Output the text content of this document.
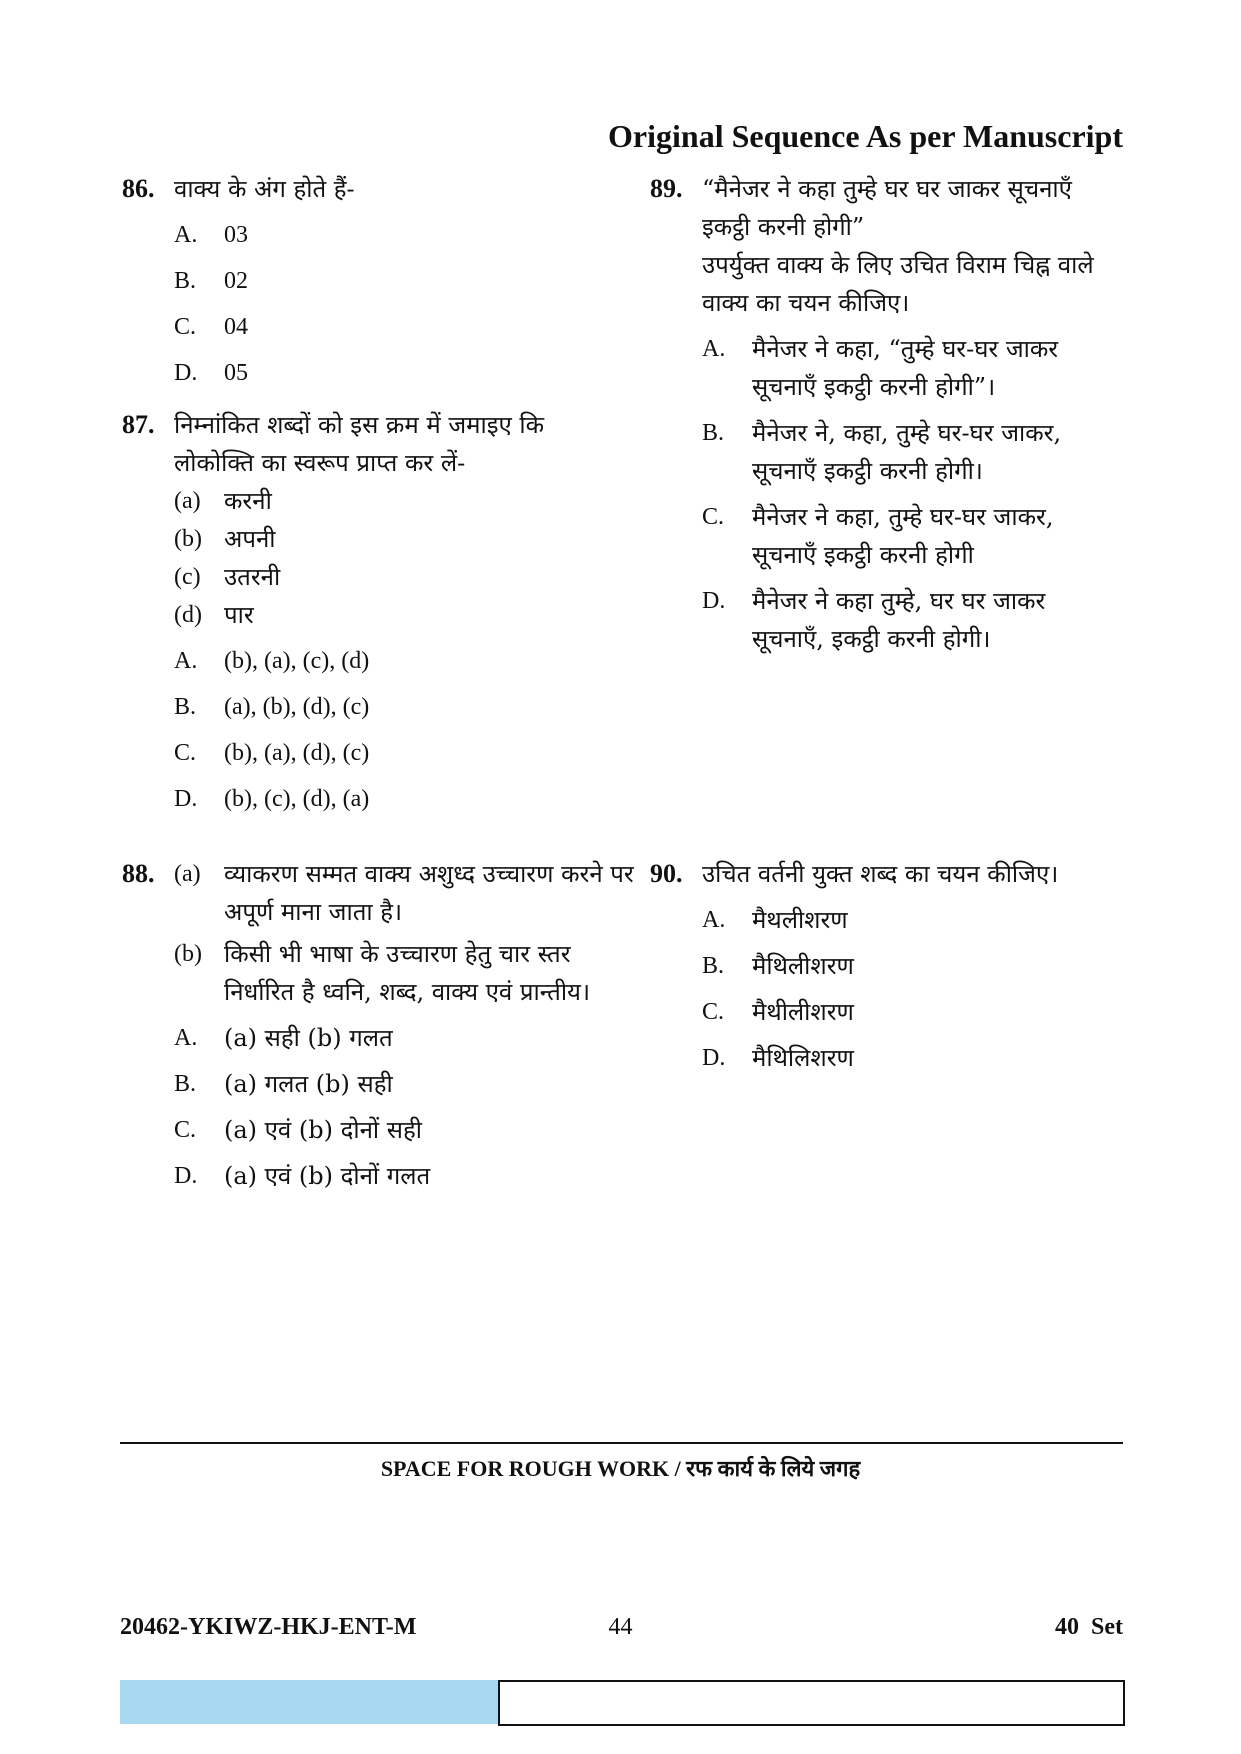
Original Sequence As per Manuscript
86. वाक्य के अंग होते हैं-
A. 03
B. 02
C. 04
D. 05
87. निम्नांकित शब्दों को इस क्रम में जमाइए कि लोकोक्ति का स्वरूप प्राप्त कर लें-
(a) करनी
(b) अपनी
(c) उतरनी
(d) पार
A. (b), (a), (c), (d)
B. (a), (b), (d), (c)
C. (b), (a), (d), (c)
D. (b), (c), (d), (a)
88. (a) व्याकरण सम्मत वाक्य अशुध्द उच्चारण करने पर अपूर्ण माना जाता है।
(b) किसी भी भाषा के उच्चारण हेतु चार स्तर निर्धारित है ध्वनि, शब्द, वाक्य एवं प्रान्तीय।
A. (a) सही (b) गलत
B. (a) गलत (b) सही
C. (a) एवं (b) दोनों सही
D. (a) एवं (b) दोनों गलत
89. “मैनेजर ने कहा तुम्हे घर घर जाकर सूचनाएँ इकट्ठी करनी होगी”
उपर्युक्त वाक्य के लिए उचित विराम चिह्न वाले वाक्य का चयन कीजिए।
A. मैनेजर ने कहा, “तुम्हे घर-घर जाकर सूचनाएँ इकट्ठी करनी होगी”।
B. मैनेजर ने, कहा, तुम्हे घर-घर जाकर, सूचनाएँ इकट्ठी करनी होगी।
C. मैनेजर ने कहा, तुम्हे घर-घर जाकर, सूचनाएँ इकट्ठी करनी होगी
D. मैनेजर ने कहा तुम्हे, घर घर जाकर सूचनाएँ, इकट्ठी करनी होगी।
90. उचित वर्तनी युक्त शब्द का चयन कीजिए।
A. मैथलीशरण
B. मैथिलीशरण
C. मैथीलीशरण
D. मैथिलिशरण
SPACE FOR ROUGH WORK / रफ कार्य के लिये जगह
20462-YKIWZ-HKJ-ENT-M	44	40  Set
